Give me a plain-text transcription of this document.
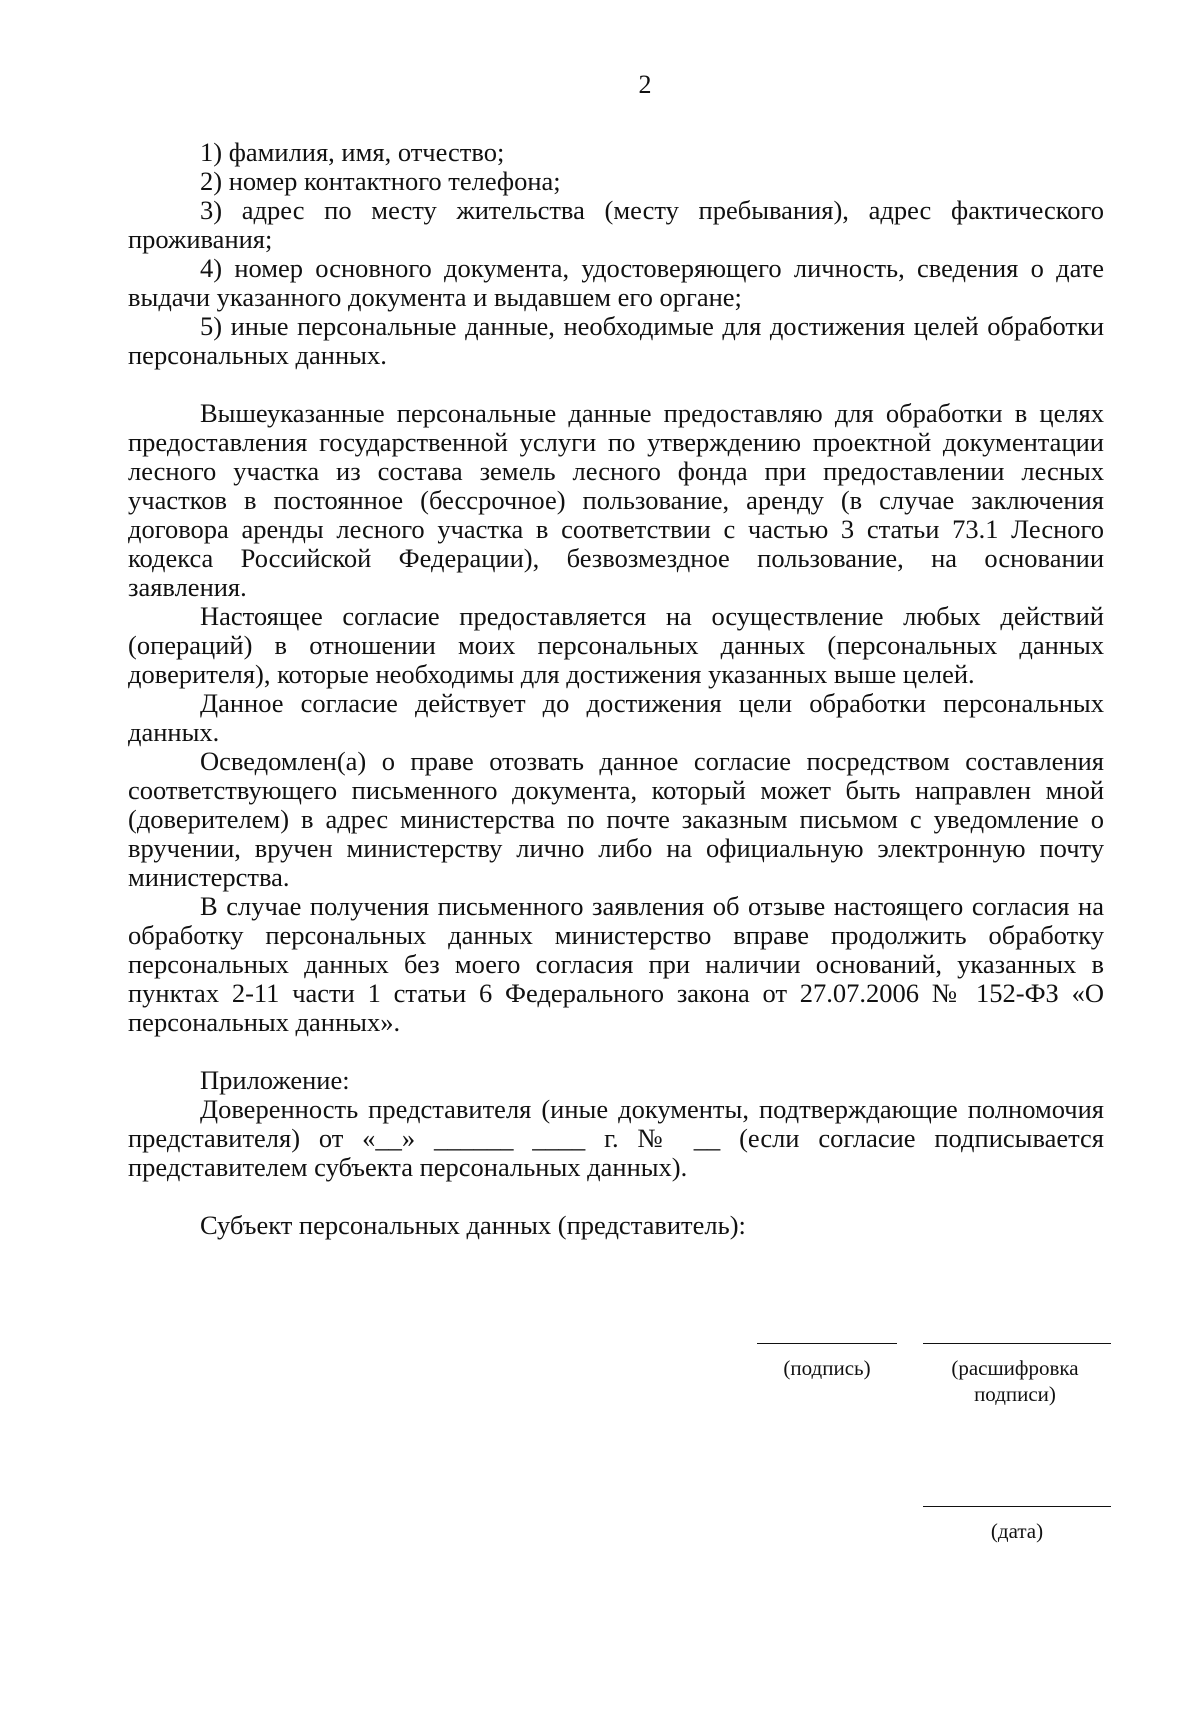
2

1) фамилия, имя, отчество;

2) номер контактного телефона;

3) адрес по месту жительства (месту пребывания), адрес фактического проживания;

4) номер основного документа, удостоверяющего личность, сведения о дате выдачи указанного документа и выдавшем его органе;

5) иные персональные данные, необходимые для достижения целей обработки персональных данных.

Вышеуказанные персональные данные предоставляю для обработки в целях предоставления государственной услуги по утверждению проектной документации лесного участка из состава земель лесного фонда при предоставлении лесных участков в постоянное (бессрочное) пользование, аренду (в случае заключения договора аренды лесного участка в соответствии с частью 3 статьи 73.1 Лесного кодекса Российской Федерации), безвозмездное пользование, на основании заявления.

Настоящее согласие предоставляется на осуществление любых действий (операций) в отношении моих персональных данных (персональных данных доверителя), которые необходимы для достижения указанных выше целей.

Данное согласие действует до достижения цели обработки персональных данных.

Осведомлен(а) о праве отозвать данное согласие посредством составления соответствующего письменного документа, который может быть направлен мной (доверителем) в адрес министерства по почте заказным письмом с уведомление о вручении, вручен министерству лично либо на официальную электронную почту министерства.

В случае получения письменного заявления об отзыве настоящего согласия на обработку персональных данных министерство вправе продолжить обработку персональных данных без моего согласия при наличии оснований, указанных в пунктах 2-11 части 1 статьи 6 Федерального закона от 27.07.2006 № 152-ФЗ «О персональных данных».

Приложение:

Доверенность представителя (иные документы, подтверждающие полномочия представителя) от «__» ______ ____ г. № __ (если согласие подписывается представителем субъекта персональных данных).

Субъект персональных данных (представитель):

(подпись)	(расшифровка подписи)
(дата)
